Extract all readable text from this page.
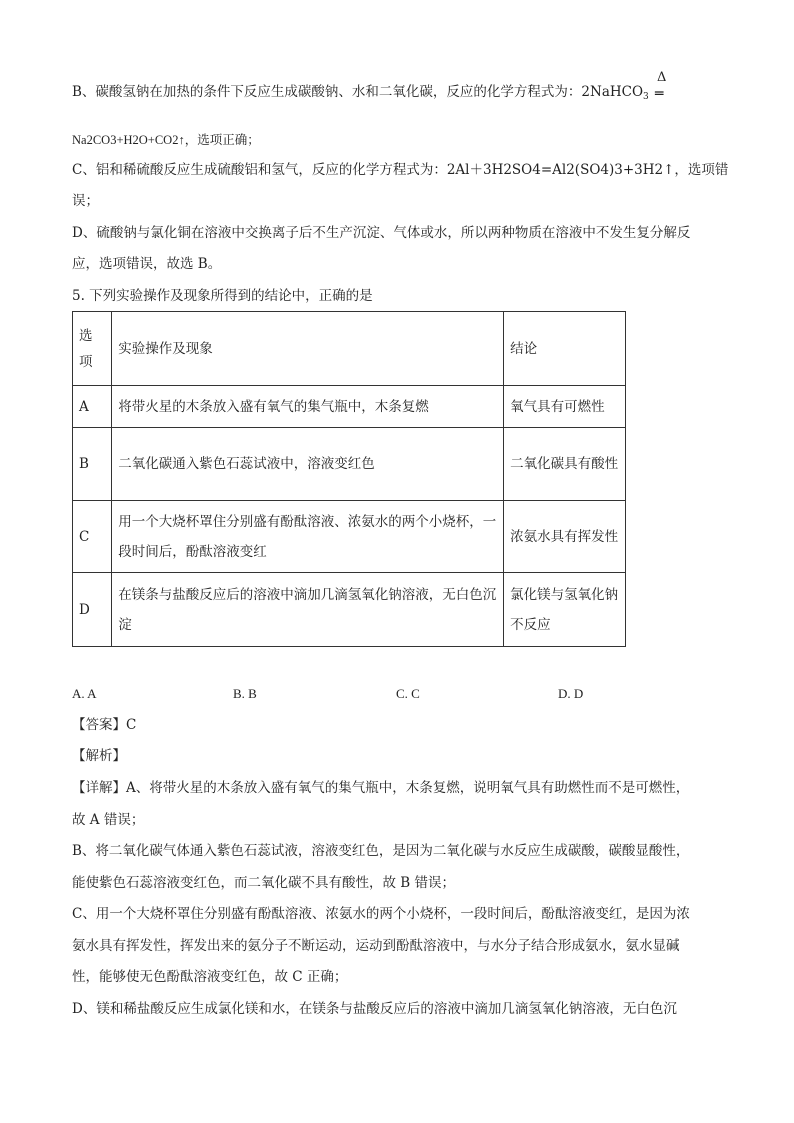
B、碳酸氢钠在加热的条件下反应生成碳酸钠、水和二氧化碳，反应的化学方程式为：2NaHCO$_3$
Δ
═
Na2CO3+H2O+CO2↑，选项正确；
C、铝和稀硫酸反应生成硫酸铝和氢气，反应的化学方程式为：2Al＋3H2SO4=Al2(SO4)3+3H2↑，选项错
误；
D、硫酸钠与氯化铜在溶液中交换离子后不生产沉淀、气体或水，所以两种物质在溶液中不发生复分解反
应，选项错误，故选 B。
5. 下列实验操作及现象所得到的结论中，正确的是
选项	实验操作及现象	结论
A	将带火星的木条放入盛有氧气的集气瓶中，木条复燃	氧气具有可燃性
B	二氧化碳通入紫色石蕊试液中，溶液变红色	二氧化碳具有酸性
C	用一个大烧杯罩住分别盛有酚酞溶液、浓氨水的两个小烧杯，一段时间后，酚酞溶液变红	浓氨水具有挥发性
D	在镁条与盐酸反应后的溶液中滴加几滴氢氧化钠溶液，无白色沉淀	氯化镁与氢氧化钠不反应
A. A	B. B	C. C	D. D
【答案】C
【解析】
【详解】A、将带火星的木条放入盛有氧气的集气瓶中，木条复燃，说明氧气具有助燃性而不是可燃性，
故 A 错误；
B、将二氧化碳气体通入紫色石蕊试液，溶液变红色，是因为二氧化碳与水反应生成碳酸，碳酸显酸性，
能使紫色石蕊溶液变红色，而二氧化碳不具有酸性，故 B 错误；
C、用一个大烧杯罩住分别盛有酚酞溶液、浓氨水的两个小烧杯，一段时间后，酚酞溶液变红，是因为浓
氨水具有挥发性，挥发出来的氨分子不断运动，运动到酚酞溶液中，与水分子结合形成氨水，氨水显碱
性，能够使无色酚酞溶液变红色，故 C 正确；
D、镁和稀盐酸反应生成氯化镁和水，在镁条与盐酸反应后的溶液中滴加几滴氢氧化钠溶液，无白色沉
